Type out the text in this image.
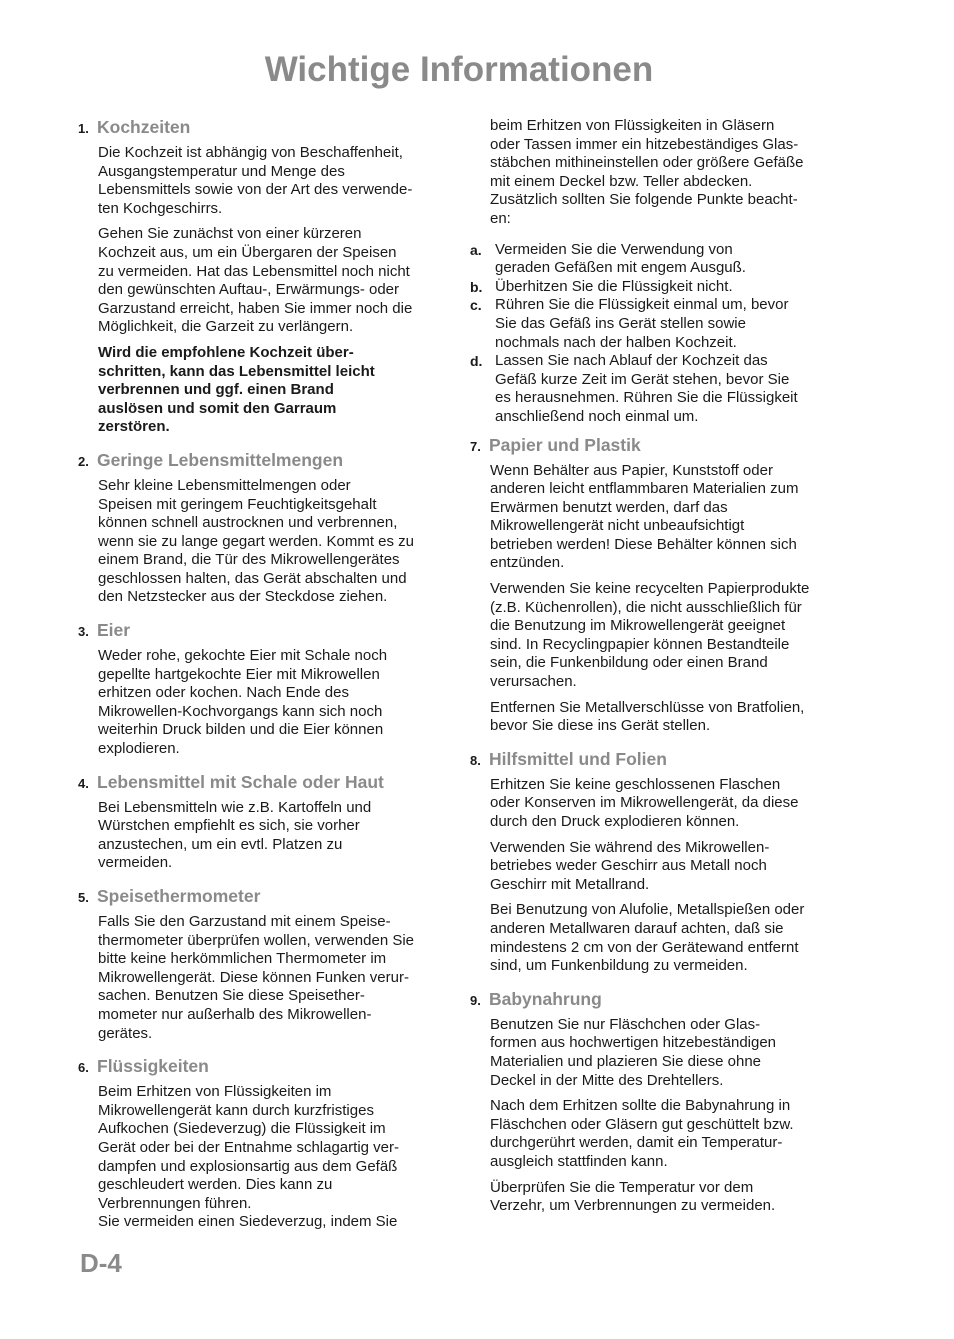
Wichtige Informationen
1. Kochzeiten
Die Kochzeit ist abhängig von Beschaffenheit,
Ausgangstemperatur und Menge des
Lebensmittels sowie von der Art des verwende-
ten Kochgeschirrs.
Gehen Sie zunächst von einer kürzeren
Kochzeit aus, um ein Übergaren der Speisen
zu vermeiden. Hat das Lebensmittel noch nicht
den gewünschten Auftau-, Erwärmungs- oder
Garzustand erreicht, haben Sie immer noch die
Möglichkeit, die Garzeit zu verlängern.
Wird die empfohlene Kochzeit über-
schritten, kann das Lebensmittel leicht
verbrennen und ggf. einen Brand
auslösen und somit den Garraum
zerstören.
2. Geringe Lebensmittelmengen
Sehr kleine Lebensmittelmengen oder
Speisen mit geringem Feuchtigkeitsgehalt
können schnell austrocknen und verbrennen,
wenn sie zu lange gegart werden. Kommt es zu
einem Brand, die Tür des Mikrowellengerätes
geschlossen halten, das Gerät abschalten und
den Netzstecker aus der Steckdose ziehen.
3. Eier
Weder rohe, gekochte Eier mit Schale noch
gepellte hartgekochte Eier mit Mikrowellen
erhitzen oder kochen. Nach Ende des
Mikrowellen-Kochvorgangs kann sich noch
weiterhin Druck bilden und die Eier können
explodieren.
4. Lebensmittel mit Schale oder Haut
Bei Lebensmitteln wie z.B. Kartoffeln und
Würstchen empfiehlt es sich, sie vorher
anzustechen, um ein evtl. Platzen zu
vermeiden.
5. Speisethermometer
Falls Sie den Garzustand mit einem Speise-
thermometer überprüfen wollen, verwenden Sie
bitte keine herkömmlichen Thermometer im
Mikrowellengerät. Diese können Funken verur-
sachen. Benutzen Sie diese Speisether-
mometer nur außerhalb des Mikrowellen-
gerätes.
6. Flüssigkeiten
Beim Erhitzen von Flüssigkeiten im
Mikrowellengerät kann durch kurzfristiges
Aufkochen (Siedeverzug) die Flüssigkeit im
Gerät oder bei der Entnahme schlagartig ver-
dampfen und explosionsartig aus dem Gefäß
geschleudert werden. Dies kann zu
Verbrennungen führen.
Sie vermeiden einen Siedeverzug, indem Sie
beim Erhitzen von Flüssigkeiten in Gläsern
oder Tassen immer ein hitzebeständiges Glas-
stäbchen mithineinstellen oder größere Gefäße
mit einem Deckel bzw. Teller abdecken.
Zusätzlich sollten Sie folgende Punkte beacht-
en:
a. Vermeiden Sie die Verwendung von
geraden Gefäßen mit engem Ausguß.
b. Überhitzen Sie die Flüssigkeit nicht.
c. Rühren Sie die Flüssigkeit einmal um, bevor
Sie das Gefäß ins Gerät stellen sowie
nochmals nach der halben Kochzeit.
d. Lassen Sie nach Ablauf der Kochzeit das
Gefäß kurze Zeit im Gerät stehen, bevor Sie
es herausnehmen. Rühren Sie die Flüssigkeit
anschließend noch einmal um.
7. Papier und Plastik
Wenn Behälter aus Papier, Kunststoff oder
anderen leicht entflammbaren Materialien zum
Erwärmen benutzt werden, darf das
Mikrowellengerät nicht unbeaufsichtigt
betrieben werden! Diese Behälter können sich
entzünden.
Verwenden Sie keine recycelten Papierprodukte
(z.B. Küchenrollen), die nicht ausschließlich für
die Benutzung im Mikrowellengerät geeignet
sind. In Recyclingpapier können Bestandteile
sein, die Funkenbildung oder einen Brand
verursachen.
Entfernen Sie Metallverschlüsse von Bratfolien,
bevor Sie diese ins Gerät stellen.
8. Hilfsmittel und Folien
Erhitzen Sie keine geschlossenen Flaschen
oder Konserven im Mikrowellengerät, da diese
durch den Druck explodieren können.
Verwenden Sie während des Mikrowellen-
betriebes weder Geschirr aus Metall noch
Geschirr mit Metallrand.
Bei Benutzung von Alufolie, Metallspießen oder
anderen Metallwaren darauf achten, daß sie
mindestens 2 cm von der Gerätewand entfernt
sind, um Funkenbildung zu vermeiden.
9. Babynahrung
Benutzen Sie nur Fläschchen oder Glas-
formen aus hochwertigen hitzebeständigen
Materialien und plazieren Sie diese ohne
Deckel in der Mitte des Drehtellers.
Nach dem Erhitzen sollte die Babynahrung in
Fläschchen oder Gläsern gut geschüttelt bzw.
durchgerührt werden, damit ein Temperatur-
ausgleich stattfinden kann.
Überprüfen Sie die Temperatur vor dem
Verzehr, um Verbrennungen zu vermeiden.
D-4
